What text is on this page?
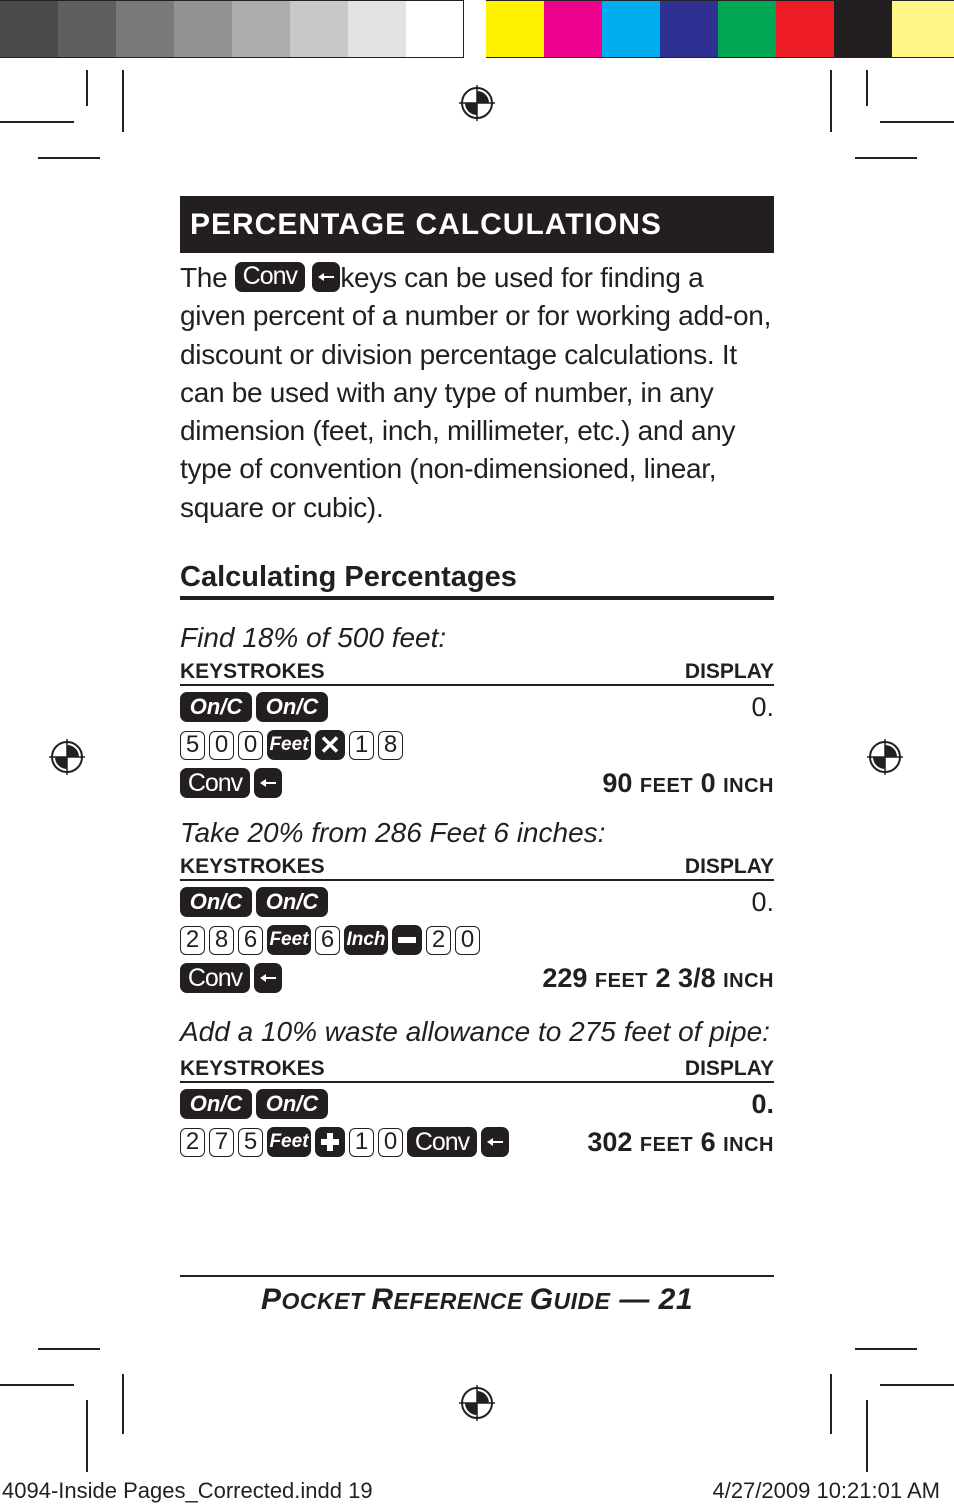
PERCENTAGE CALCULATIONS
The Conv keys can be used for finding a given percent of a number or for working add-on, discount or division percentage calculations. It can be used with any type of number, in any dimension (feet, inch, millimeter, etc.) and any type of convention (non-dimensioned, linear, square or cubic).
Calculating Percentages
Find 18% of 500 feet:
KEYSTROKES	DISPLAY
On/C	On/C	0.
5 0 0 Feet ✕ 1 8
Conv	90 FEET 0 INCH
Take 20% from 286 Feet 6 inches:
KEYSTROKES	DISPLAY
On/C	On/C	0.
2 8 6 Feet 6 Inch 2 0
Conv	229 FEET 2 3/8 INCH
Add a 10% waste allowance to 275 feet of pipe:
KEYSTROKES	DISPLAY
On/C	On/C	0.
2 7 5 Feet 1 0 Conv	302 FEET 6 INCH
POCKET REFERENCE GUIDE — 21
4094-Inside Pages_Corrected.indd 19	4/27/2009 10:21:01 AM
